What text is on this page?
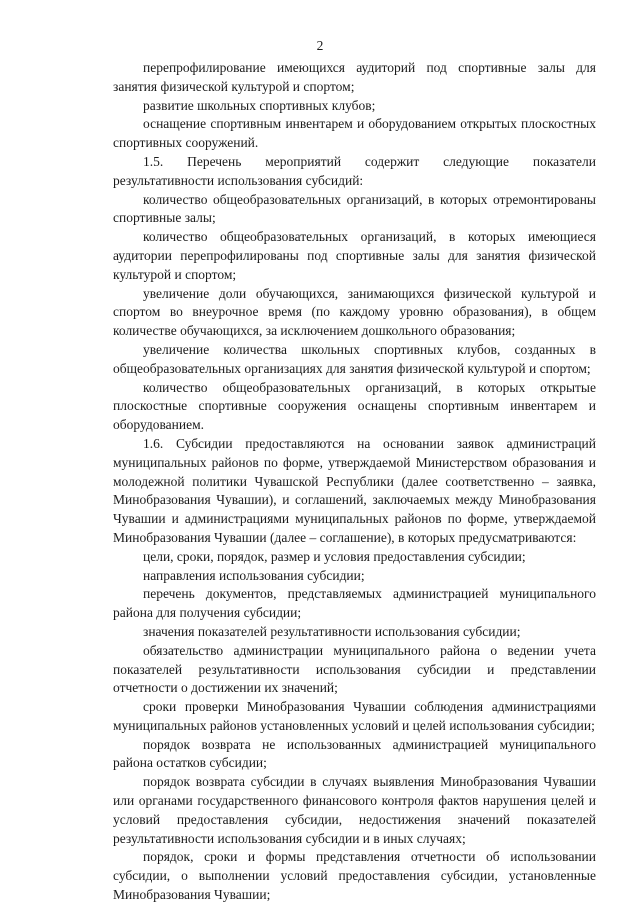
2

перепрофилирование имеющихся аудиторий под спортивные залы для занятия физической культурой и спортом;

развитие школьных спортивных клубов;

оснащение спортивным инвентарем и оборудованием открытых плоскостных спортивных сооружений.

1.5. Перечень мероприятий содержит следующие показатели результативности использования субсидий:

количество общеобразовательных организаций, в которых отремонтированы спортивные залы;

количество общеобразовательных организаций, в которых имеющиеся аудитории перепрофилированы под спортивные залы для занятия физической культурой и спортом;

увеличение доли обучающихся, занимающихся физической культурой и спортом во внеурочное время (по каждому уровню образования), в общем количестве обучающихся, за исключением дошкольного образования;

увеличение количества школьных спортивных клубов, созданных в общеобразовательных организациях для занятия физической культурой и спортом;

количество общеобразовательных организаций, в которых открытые плоскостные спортивные сооружения оснащены спортивным инвентарем и оборудованием.

1.6. Субсидии предоставляются на основании заявок администраций муниципальных районов по форме, утверждаемой Министерством образования и молодежной политики Чувашской Республики (далее соответственно – заявка, Минобразования Чувашии), и соглашений, заключаемых между Минобразования Чувашии и администрациями муниципальных районов по форме, утверждаемой Минобразования Чувашии (далее – соглашение), в которых предусматриваются:

цели, сроки, порядок, размер и условия предоставления субсидии;

направления использования субсидии;

перечень документов, представляемых администрацией муниципального района для получения субсидии;

значения показателей результативности использования субсидии;

обязательство администрации муниципального района о ведении учета показателей результативности использования субсидии и представлении отчетности о достижении их значений;

сроки проверки Минобразования Чувашии соблюдения администрациями муниципальных районов установленных условий и целей использования субсидии;

порядок возврата не использованных администрацией муниципального района остатков субсидии;

порядок возврата субсидии в случаях выявления Минобразования Чувашии или органами государственного финансового контроля фактов нарушения целей и условий предоставления субсидии, недостижения значений показателей результативности использования субсидии и в иных случаях;

порядок, сроки и формы представления отчетности об использовании субсидии, о выполнении условий предоставления субсидии, установленные Минобразования Чувашии;
